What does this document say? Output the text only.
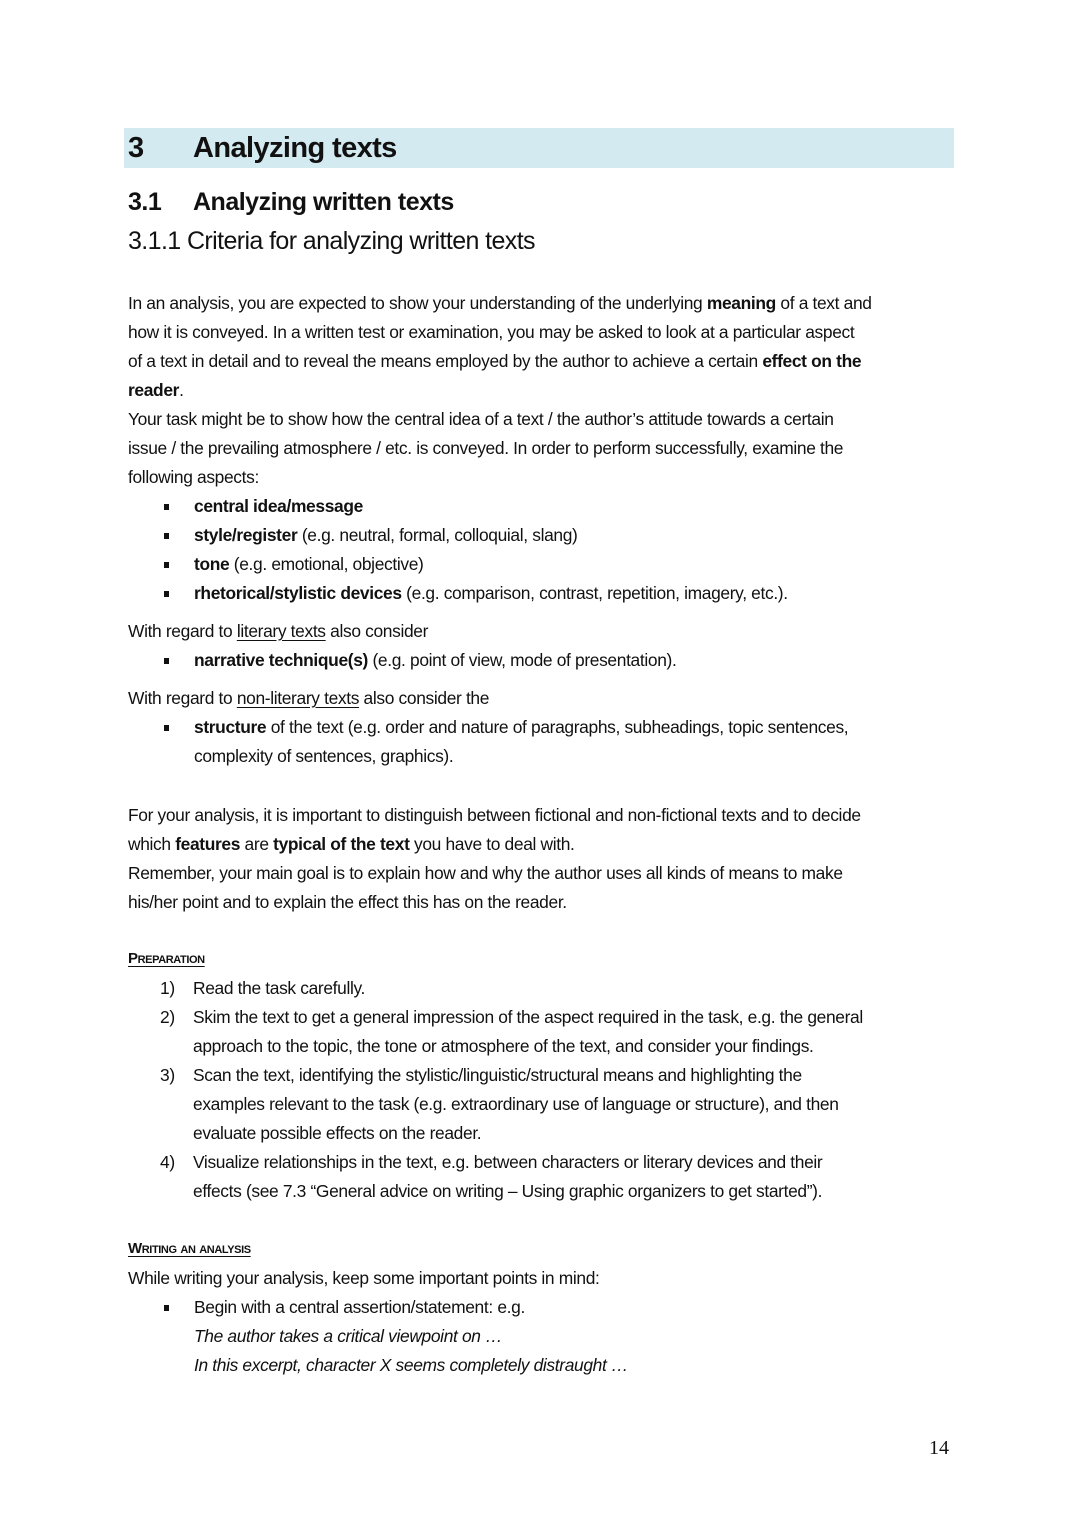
3 Analyzing texts
3.1 Analyzing written texts
3.1.1 Criteria for analyzing written texts
In an analysis, you are expected to show your understanding of the underlying meaning of a text and
how it is conveyed. In a written test or examination, you may be asked to look at a particular aspect
of a text in detail and to reveal the means employed by the author to achieve a certain effect on the
reader.
Your task might be to show how the central idea of a text / the author’s attitude towards a certain
issue / the prevailing atmosphere / etc. is conveyed. In order to perform successfully, examine the
following aspects:
central idea/message
style/register (e.g. neutral, formal, colloquial, slang)
tone (e.g. emotional, objective)
rhetorical/stylistic devices (e.g. comparison, contrast, repetition, imagery, etc.).
With regard to literary texts also consider
narrative technique(s) (e.g. point of view, mode of presentation).
With regard to non-literary texts also consider the
structure of the text (e.g. order and nature of paragraphs, subheadings, topic sentences,
complexity of sentences, graphics).
For your analysis, it is important to distinguish between fictional and non-fictional texts and to decide
which features are typical of the text you have to deal with.
Remember, your main goal is to explain how and why the author uses all kinds of means to make
his/her point and to explain the effect this has on the reader.
Preparation
1) Read the task carefully.
2) Skim the text to get a general impression of the aspect required in the task, e.g. the general
approach to the topic, the tone or atmosphere of the text, and consider your findings.
3) Scan the text, identifying the stylistic/linguistic/structural means and highlighting the
examples relevant to the task (e.g. extraordinary use of language or structure), and then
evaluate possible effects on the reader.
4) Visualize relationships in the text, e.g. between characters or literary devices and their
effects (see 7.3 “General advice on writing – Using graphic organizers to get started”).
Writing an analysis
While writing your analysis, keep some important points in mind:
Begin with a central assertion/statement: e.g.
The author takes a critical viewpoint on …
In this excerpt, character X seems completely distraught …
14
